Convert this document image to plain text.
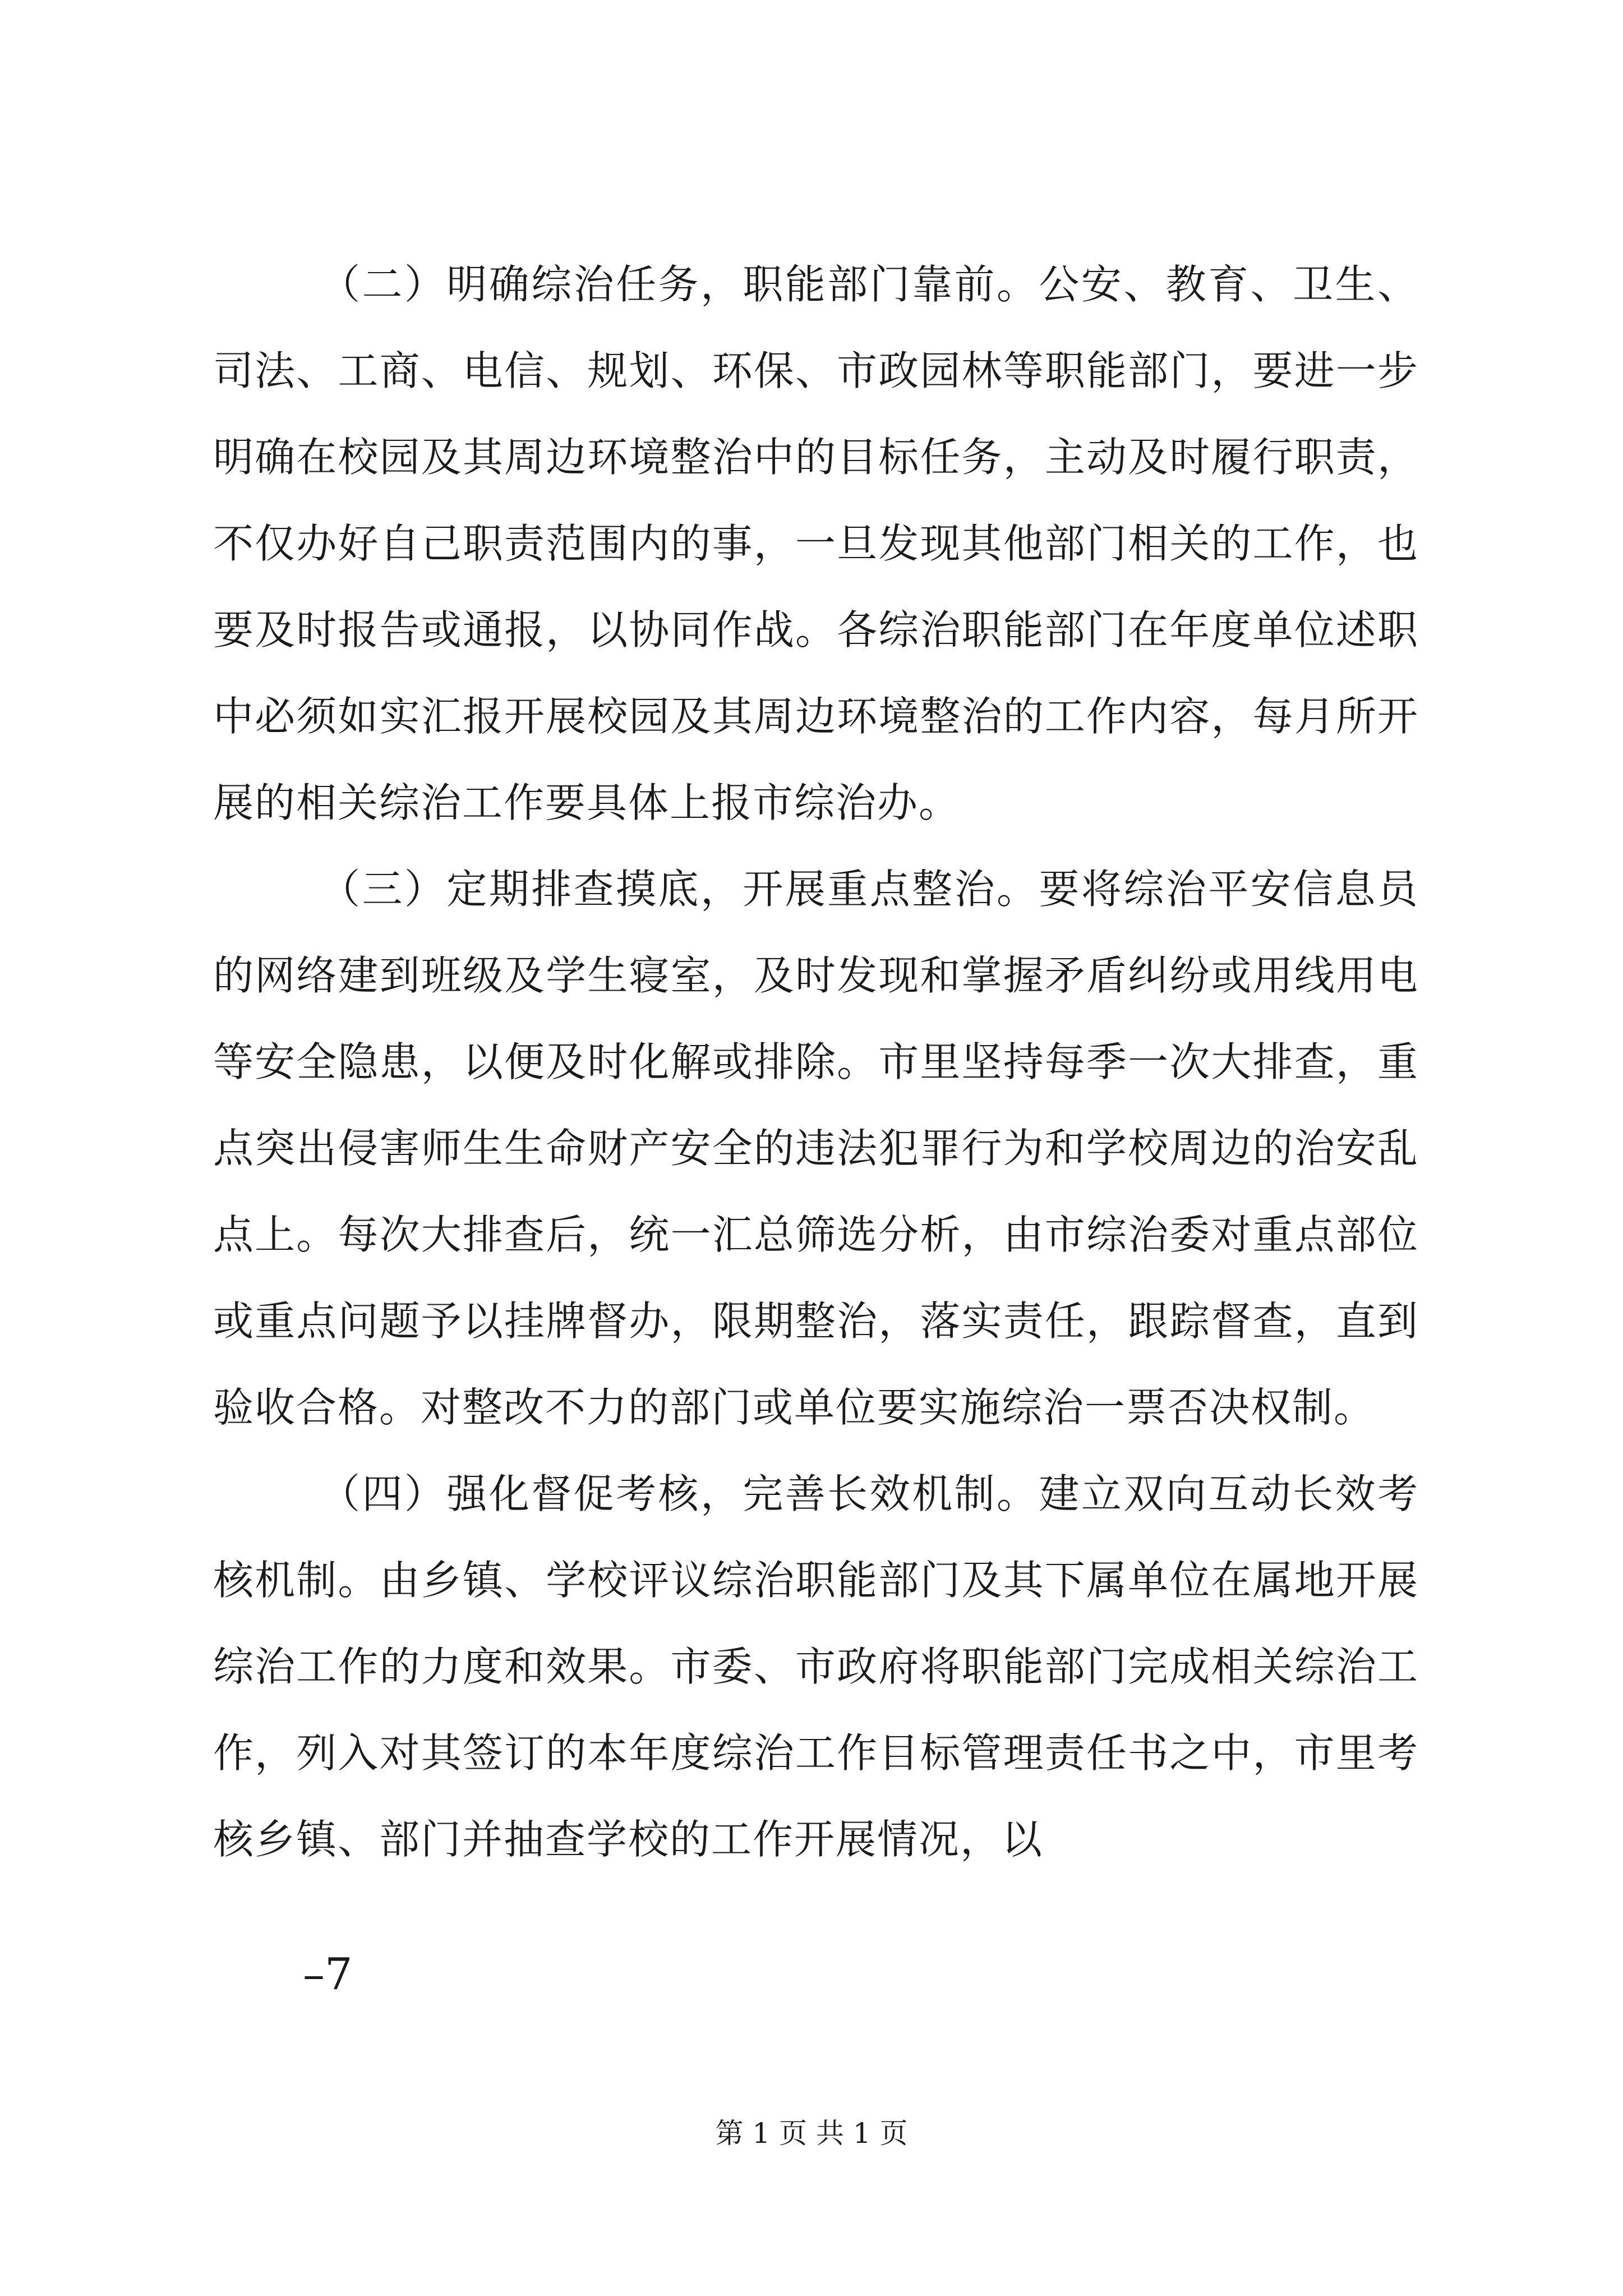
（二）明确综治任务，职能部门靠前。公安、教育、卫生、司法、工商、电信、规划、环保、市政园林等职能部门，要进一步明确在校园及其周边环境整治中的目标任务，主动及时履行职责，不仅办好自己职责范围内的事，一旦发现其他部门相关的工作，也要及时报告或通报，以协同作战。各综治职能部门在年度单位述职中必须如实汇报开展校园及其周边环境整治的工作内容，每月所开展的相关综治工作要具体上报市综治办。

（三）定期排查摸底，开展重点整治。要将综治平安信息员的网络建到班级及学生寝室，及时发现和掌握矛盾纠纷或用线用电等安全隐患，以便及时化解或排除。市里坚持每季一次大排查，重点突出侵害师生生命财产安全的违法犯罪行为和学校周边的治安乱点上。每次大排查后，统一汇总筛选分析，由市综治委对重点部位或重点问题予以挂牌督办，限期整治，落实责任，跟踪督查，直到验收合格。对整改不力的部门或单位要实施综治一票否决权制。

（四）强化督促考核，完善长效机制。建立双向互动长效考核机制。由乡镇、学校评议综治职能部门及其下属单位在属地开展综治工作的力度和效果。市委、市政府将职能部门完成相关综治工作，列入对其签订的本年度综治工作目标管理责任书之中，市里考核乡镇、部门并抽查学校的工作开展情况，以

–7
第 1 页 共 1 页
